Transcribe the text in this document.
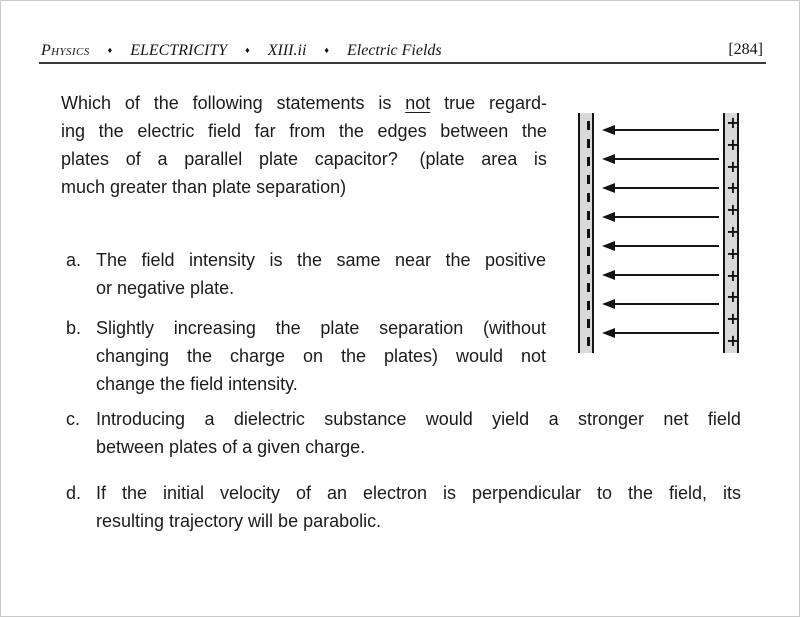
Physics ♦ ELECTRICITY ♦ XIII.ii ♦ Electric Fields	[284]
Which of the following statements is not true regard-
ing the electric field far from the edges between the
plates of a parallel plate capacitor? (plate area is
much greater than plate separation)
a. The field intensity is the same near the positive
or negative plate.
b. Slightly increasing the plate separation (without
changing the charge on the plates) would not
change the field intensity.
c. Introducing a dielectric substance would yield a stronger net field
between plates of a given charge.
d. If the initial velocity of an electron is perpendicular to the field, its
resulting trajectory will be parabolic.
+
+
+
+
+
+
+
+
+
+
+
